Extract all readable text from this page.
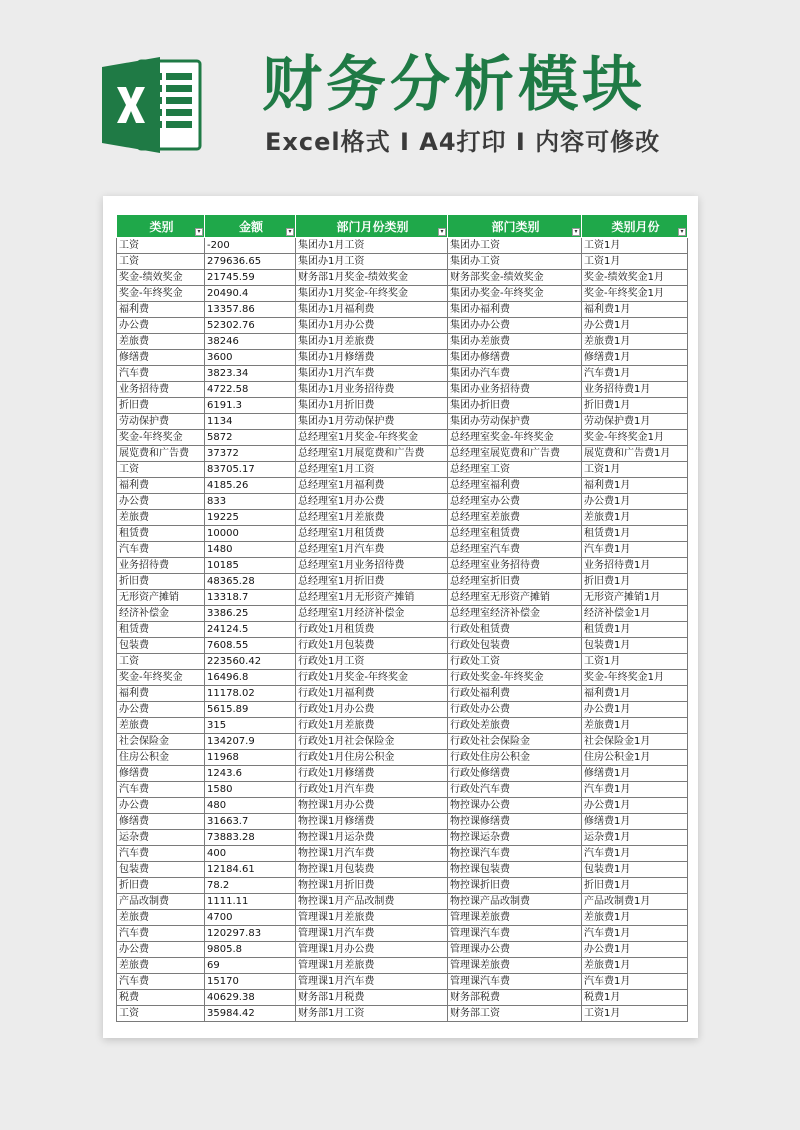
财务分析模块
Excel格式 I A4打印 I 内容可修改
类别 ▾	金额 ▾	部门月份类别 ▾	部门类别 ▾	类别月份 ▾

工资	-200	集团办1月工资	集团办工资	工资1月
工资	279636.65	集团办1月工资	集团办工资	工资1月
奖金-绩效奖金	21745.59	财务部1月奖金-绩效奖金	财务部奖金-绩效奖金	奖金-绩效奖金1月
奖金-年终奖金	20490.4	集团办1月奖金-年终奖金	集团办奖金-年终奖金	奖金-年终奖金1月
福利费	13357.86	集团办1月福利费	集团办福利费	福利费1月
办公费	52302.76	集团办1月办公费	集团办办公费	办公费1月
差旅费	38246	集团办1月差旅费	集团办差旅费	差旅费1月
修缮费	3600	集团办1月修缮费	集团办修缮费	修缮费1月
汽车费	3823.34	集团办1月汽车费	集团办汽车费	汽车费1月
业务招待费	4722.58	集团办1月业务招待费	集团办业务招待费	业务招待费1月
折旧费	6191.3	集团办1月折旧费	集团办折旧费	折旧费1月
劳动保护费	1134	集团办1月劳动保护费	集团办劳动保护费	劳动保护费1月
奖金-年终奖金	5872	总经理室1月奖金-年终奖金	总经理室奖金-年终奖金	奖金-年终奖金1月
展览费和广告费	37372	总经理室1月展览费和广告费	总经理室展览费和广告费	展览费和广告费1月
工资	83705.17	总经理室1月工资	总经理室工资	工资1月
福利费	4185.26	总经理室1月福利费	总经理室福利费	福利费1月
办公费	833	总经理室1月办公费	总经理室办公费	办公费1月
差旅费	19225	总经理室1月差旅费	总经理室差旅费	差旅费1月
租赁费	10000	总经理室1月租赁费	总经理室租赁费	租赁费1月
汽车费	1480	总经理室1月汽车费	总经理室汽车费	汽车费1月
业务招待费	10185	总经理室1月业务招待费	总经理室业务招待费	业务招待费1月
折旧费	48365.28	总经理室1月折旧费	总经理室折旧费	折旧费1月
无形资产摊销	13318.7	总经理室1月无形资产摊销	总经理室无形资产摊销	无形资产摊销1月
经济补偿金	3386.25	总经理室1月经济补偿金	总经理室经济补偿金	经济补偿金1月
租赁费	24124.5	行政处1月租赁费	行政处租赁费	租赁费1月
包装费	7608.55	行政处1月包装费	行政处包装费	包装费1月
工资	223560.42	行政处1月工资	行政处工资	工资1月
奖金-年终奖金	16496.8	行政处1月奖金-年终奖金	行政处奖金-年终奖金	奖金-年终奖金1月
福利费	11178.02	行政处1月福利费	行政处福利费	福利费1月
办公费	5615.89	行政处1月办公费	行政处办公费	办公费1月
差旅费	315	行政处1月差旅费	行政处差旅费	差旅费1月
社会保险金	134207.9	行政处1月社会保险金	行政处社会保险金	社会保险金1月
住房公积金	11968	行政处1月住房公积金	行政处住房公积金	住房公积金1月
修缮费	1243.6	行政处1月修缮费	行政处修缮费	修缮费1月
汽车费	1580	行政处1月汽车费	行政处汽车费	汽车费1月
办公费	480	物控课1月办公费	物控课办公费	办公费1月
修缮费	31663.7	物控课1月修缮费	物控课修缮费	修缮费1月
运杂费	73883.28	物控课1月运杂费	物控课运杂费	运杂费1月
汽车费	400	物控课1月汽车费	物控课汽车费	汽车费1月
包装费	12184.61	物控课1月包装费	物控课包装费	包装费1月
折旧费	78.2	物控课1月折旧费	物控课折旧费	折旧费1月
产品改制费	1111.11	物控课1月产品改制费	物控课产品改制费	产品改制费1月
差旅费	4700	管理课1月差旅费	管理课差旅费	差旅费1月
汽车费	120297.83	管理课1月汽车费	管理课汽车费	汽车费1月
办公费	9805.8	管理课1月办公费	管理课办公费	办公费1月
差旅费	69	管理课1月差旅费	管理课差旅费	差旅费1月
汽车费	15170	管理课1月汽车费	管理课汽车费	汽车费1月
税费	40629.38	财务部1月税费	财务部税费	税费1月
工资	35984.42	财务部1月工资	财务部工资	工资1月
